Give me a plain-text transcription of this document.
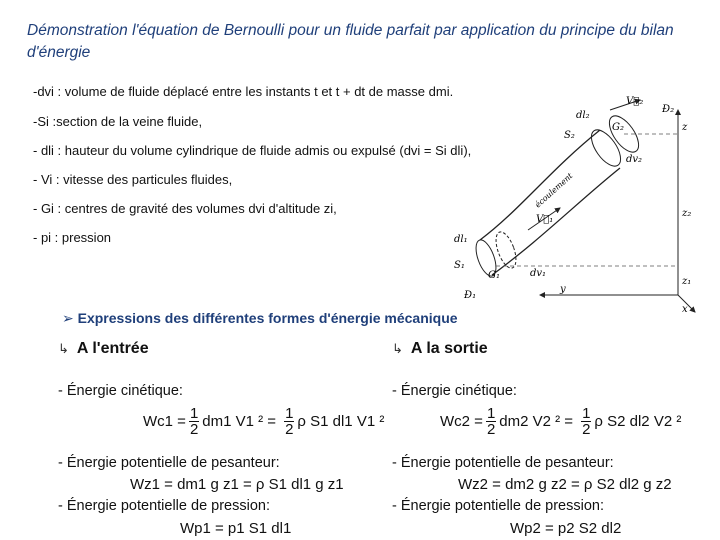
Démonstration l'équation de Bernoulli pour un fluide parfait par application du principe du bilan d'énergie
-dvi : volume de fluide déplacé entre les instants t et t + dt de masse dmi.
-Si :section de la veine fluide,
- dli : hauteur du volume cylindrique de fluide admis ou expulsé (dvi = Si dli),
- Vi : vitesse des particules fluides,
- Gi : centres de gravité des volumes dvi d'altitude zi,
- pi : pression
dl₂
V⃗₂
Đ₂
S₂
G₂
dv₂
écoulement
V⃗₁
dl₁
S₁
G₁	dv₁
Đ₁
z
z₂
z₁
y
x
➢ Expressions des différentes formes d'énergie mécanique
↳ A l'entrée
- Énergie cinétique:
$Wc1 = \frac{1}{2} dm1$ V1 $^2 = \frac{1}{2}$ ρ S1 dl1 V1 ²
- Énergie potentielle de pesanteur:
Wz1 = dm1 g z1 = ρ S1 dl1 g z1
- Énergie potentielle de pression:
Wp1 = p1 S1 dl1
↳ A la sortie
- Énergie cinétique:
$Wc2 = \frac{1}{2} dm2$ V2 $^2 = \frac{1}{2}$ ρ S2 dl2 V2 ²
- Énergie potentielle de pesanteur:
Wz2 = dm2 g z2 = ρ S2 dl2 g z2
- Énergie potentielle de pression:
Wp2 = p2 S2 dl2
